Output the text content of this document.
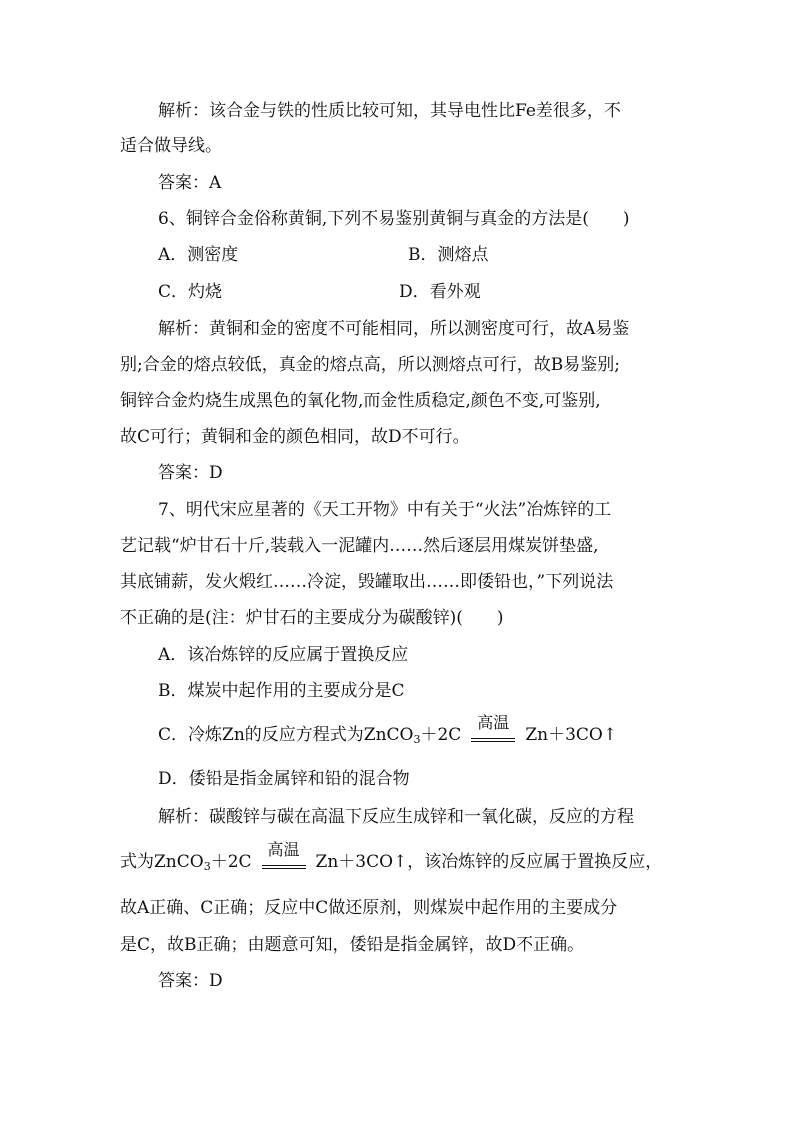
解析：该合金与铁的性质比较可知，其导电性比Fe差很多，不
适合做导线。
答案：A
6、铜锌合金俗称黄铜,下列不易鉴别黄铜与真金的方法是(　　)
A．测密度	B．测熔点
C．灼烧	D．看外观
解析：黄铜和金的密度不可能相同，所以测密度可行，故A易鉴
别;合金的熔点较低，真金的熔点高，所以测熔点可行，故B易鉴别;
铜锌合金灼烧生成黑色的氧化物,而金性质稳定,颜色不变,可鉴别,
故C可行；黄铜和金的颜色相同，故D不可行。
答案：D
7、明代宋应星著的《天工开物》中有关于“火法”冶炼锌的工
艺记载“炉甘石十斤,装载入一泥罐内……然后逐层用煤炭饼垫盛,
其底铺薪，发火煅红……冷淀，毁罐取出……即倭铅也，”下列说法
不正确的是(注：炉甘石的主要成分为碳酸锌)(　　)
A．该冶炼锌的反应属于置换反应
B．煤炭中起作用的主要成分是C
C．冷炼Zn的反应方程式为ZnCO$_3$＋2C
高温
Zn＋3CO↑
D．倭铅是指金属锌和铅的混合物
解析：碳酸锌与碳在高温下反应生成锌和一氧化碳，反应的方程
式为ZnCO$_3$＋2C
高温
Zn＋3CO↑，该冶炼锌的反应属于置换反应，
故A正确、C正确；反应中C做还原剂，则煤炭中起作用的主要成分
是C，故B正确；由题意可知，倭铅是指金属锌，故D不正确。
答案：D
